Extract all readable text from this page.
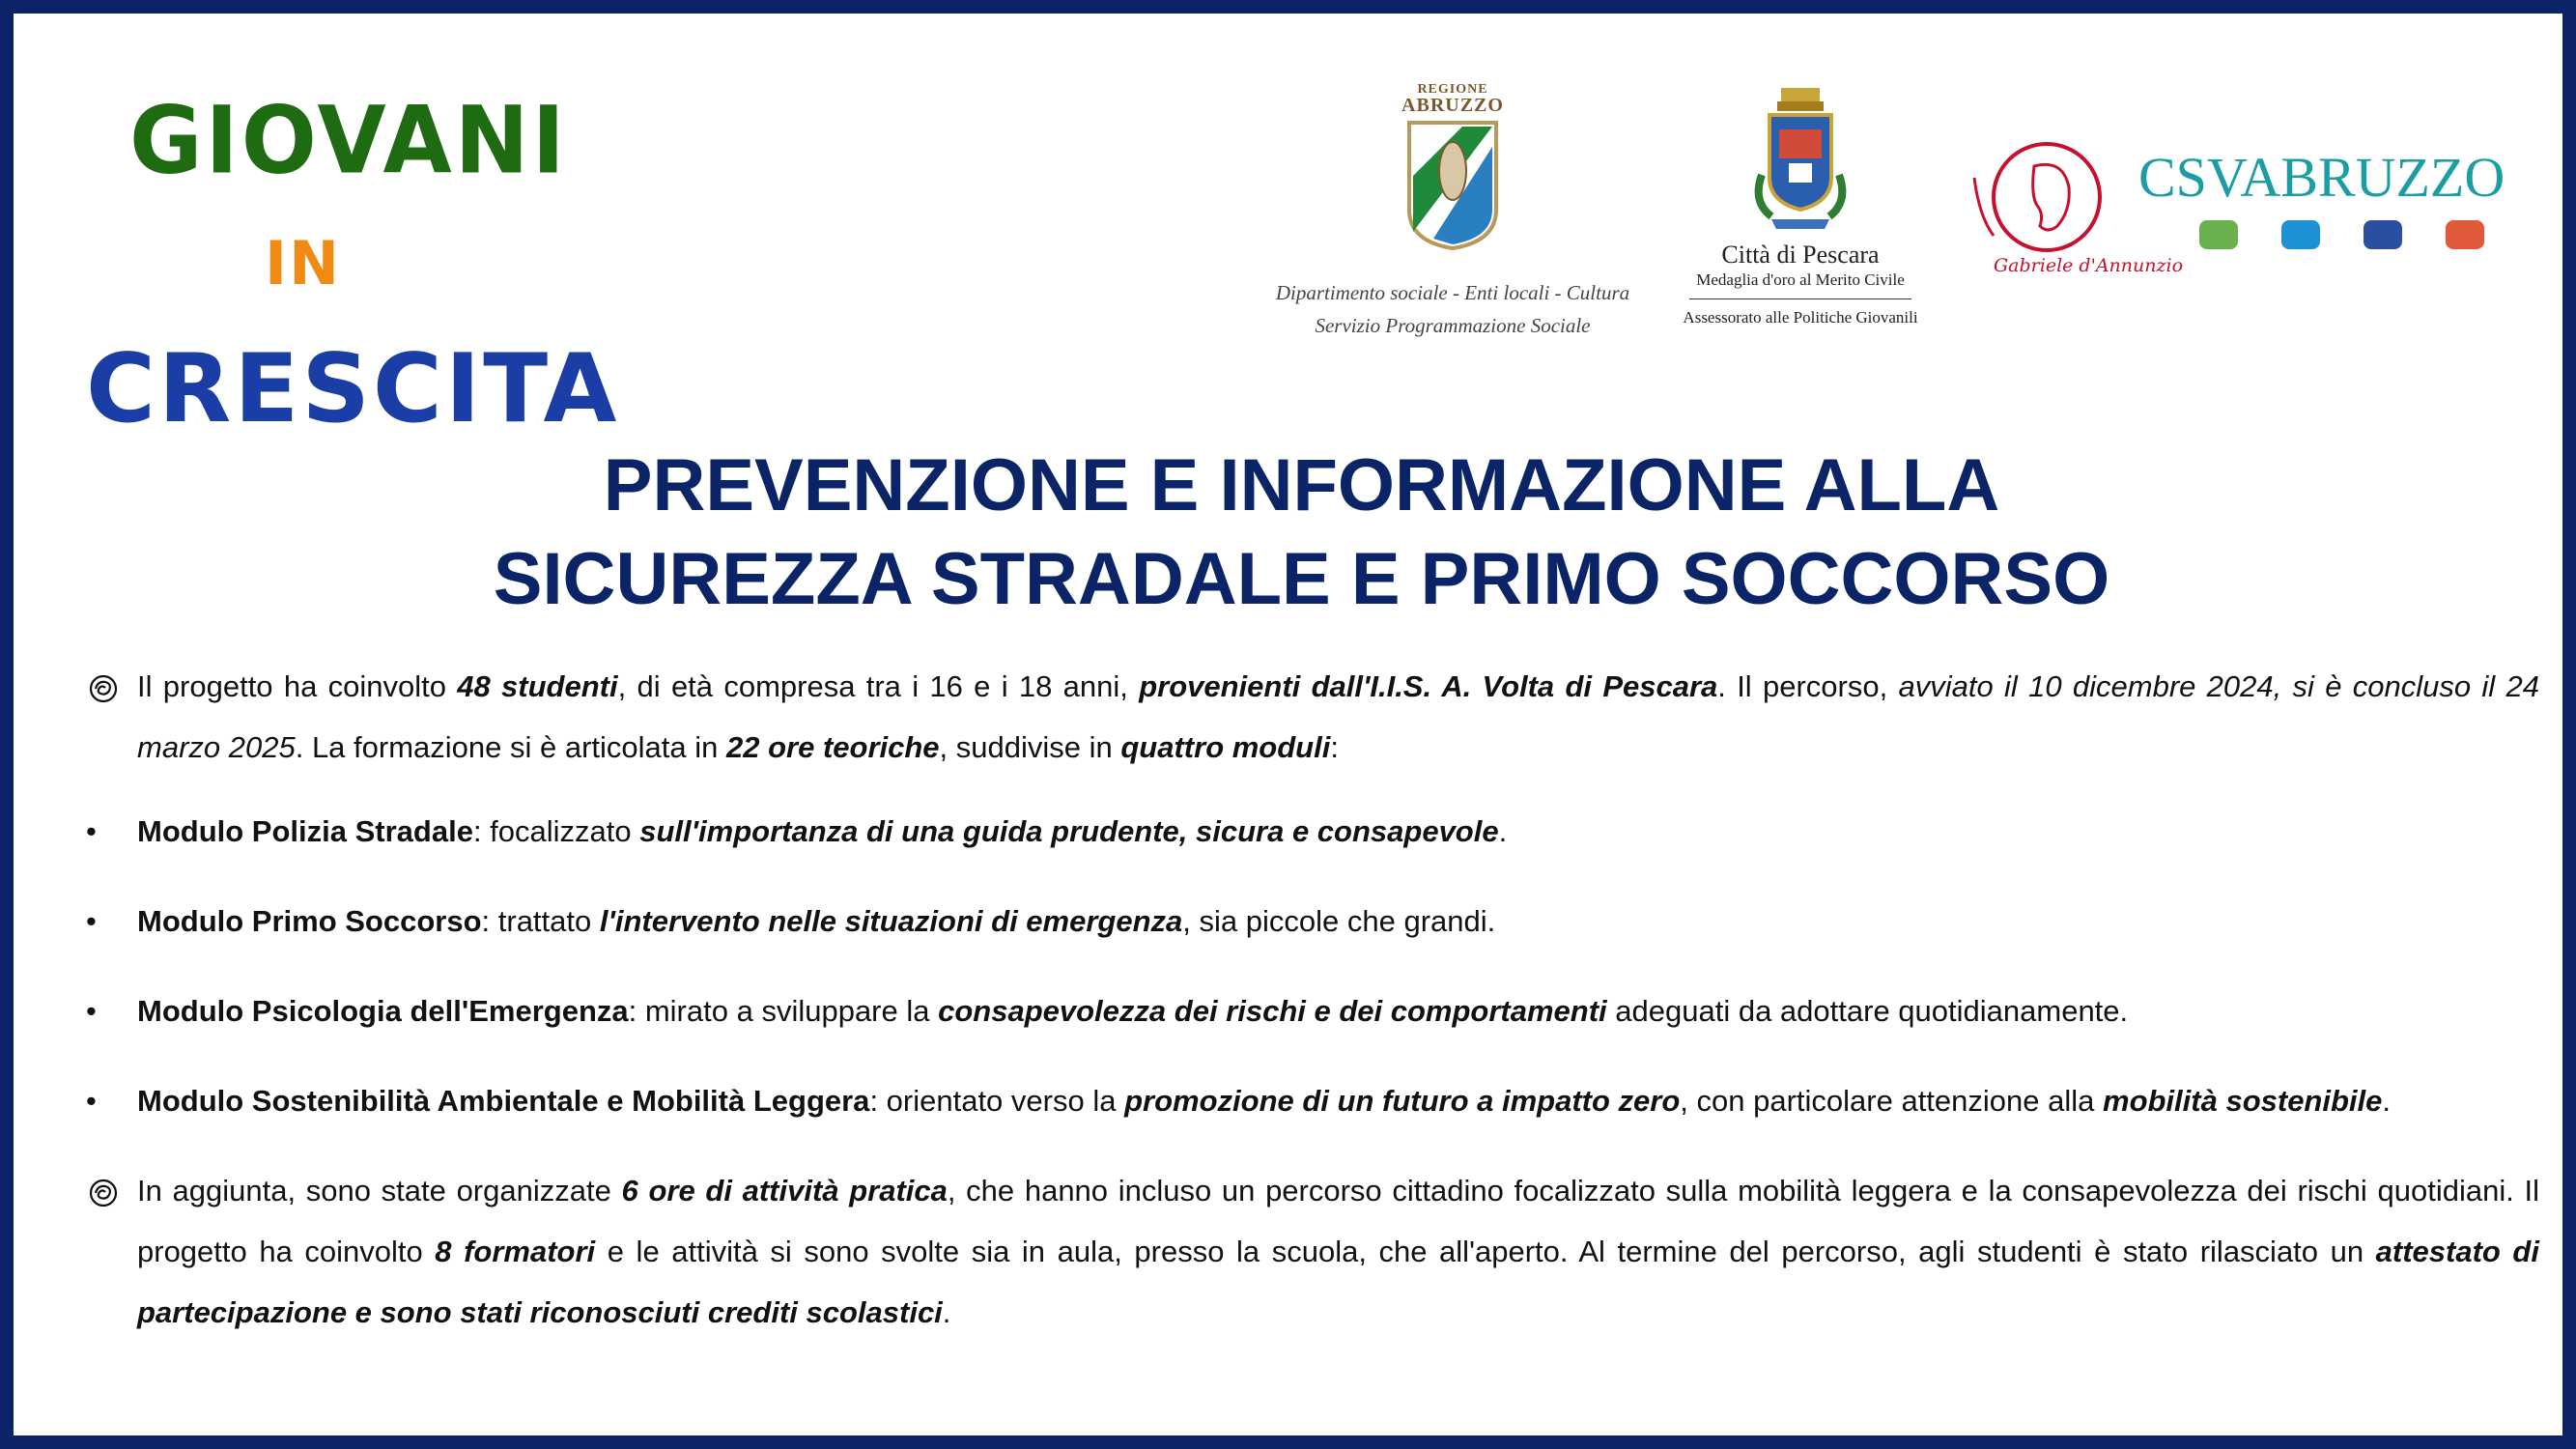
GIOVANI
IN
CRESCITA
REGIONE
ABRUZZO
Dipartimento sociale - Enti locali - Cultura
Servizio Programmazione Sociale
Città di Pescara
Medaglia d'oro al Merito Civile
Assessorato alle Politiche Giovanili
Gabriele d'Annunzio
CSVABRUZZO
PREVENZIONE E INFORMAZIONE ALLA
SICUREZZA STRADALE E PRIMO SOCCORSO
Il progetto ha coinvolto 48 studenti, di età compresa tra i 16 e i 18 anni, provenienti dall'I.I.S. A. Volta di Pescara. Il percorso, avviato il 10 dicembre 2024, si è concluso il 24 marzo 2025. La formazione si è articolata in 22 ore teoriche, suddivise in quattro moduli:
• Modulo Polizia Stradale: focalizzato sull'importanza di una guida prudente, sicura e consapevole.
• Modulo Primo Soccorso: trattato l'intervento nelle situazioni di emergenza, sia piccole che grandi.
• Modulo Psicologia dell'Emergenza: mirato a sviluppare la consapevolezza dei rischi e dei comportamenti adeguati da adottare quotidianamente.
• Modulo Sostenibilità Ambientale e Mobilità Leggera: orientato verso la promozione di un futuro a impatto zero, con particolare attenzione alla mobilità sostenibile.
In aggiunta, sono state organizzate 6 ore di attività pratica, che hanno incluso un percorso cittadino focalizzato sulla mobilità leggera e la consapevolezza dei rischi quotidiani. Il progetto ha coinvolto 8 formatori e le attività si sono svolte sia in aula, presso la scuola, che all'aperto. Al termine del percorso, agli studenti è stato rilasciato un attestato di partecipazione e sono stati riconosciuti crediti scolastici.
